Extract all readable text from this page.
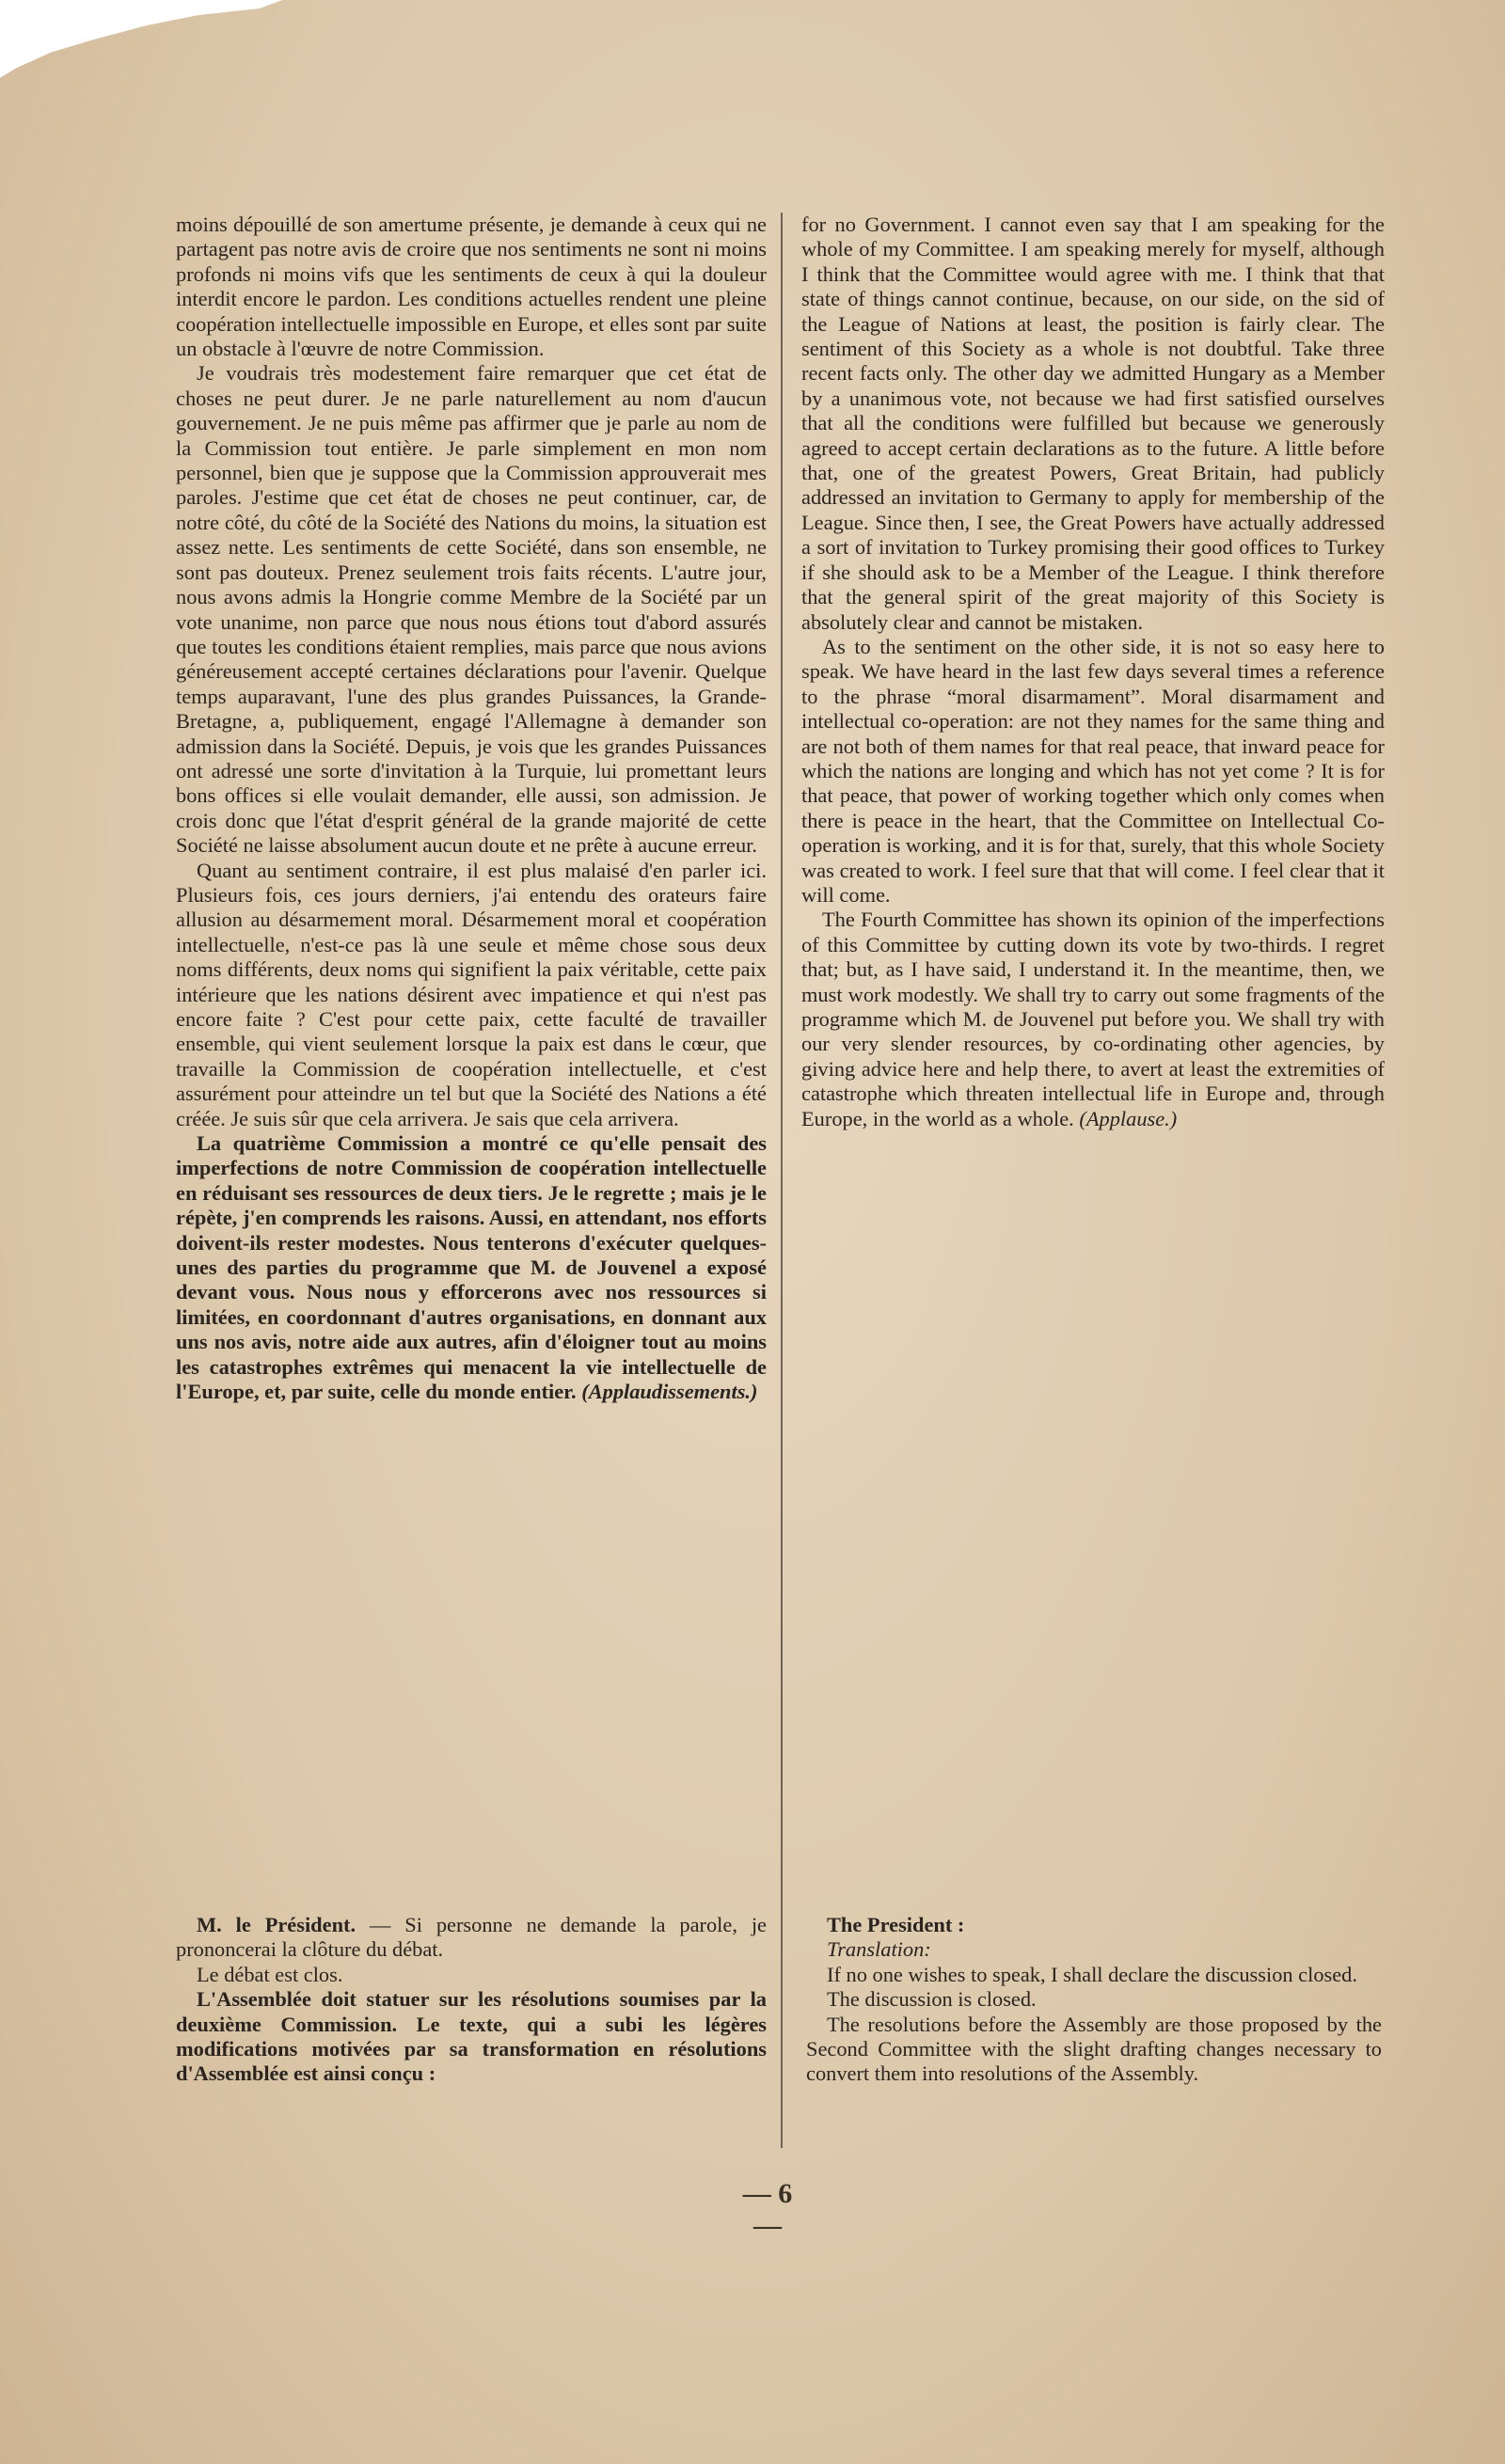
moins dépouillé de son amertume présente, je demande à ceux qui ne partagent pas notre avis de croire que nos sentiments ne sont ni moins profonds ni moins vifs que les sentiments de ceux à qui la douleur interdit encore le pardon. Les conditions actuelles rendent une pleine coopération intellectuelle impossible en Europe, et elles sont par suite un obstacle à l'œuvre de notre Commission.

Je voudrais très modestement faire remarquer que cet état de choses ne peut durer. Je ne parle naturellement au nom d'aucun gouvernement. Je ne puis même pas affirmer que je parle au nom de la Commission tout entière. Je parle simplement en mon nom personnel, bien que je suppose que la Commission approuverait mes paroles. J'estime que cet état de choses ne peut continuer, car, de notre côté, du côté de la Société des Nations du moins, la situation est assez nette. Les sentiments de cette Société, dans son ensemble, ne sont pas douteux. Prenez seulement trois faits récents. L'autre jour, nous avons admis la Hongrie comme Membre de la Société par un vote unanime, non parce que nous nous étions tout d'abord assurés que toutes les conditions étaient remplies, mais parce que nous avions généreusement accepté certaines déclarations pour l'avenir. Quelque temps auparavant, l'une des plus grandes Puissances, la Grande-Bretagne, a, publiquement, engagé l'Allemagne à demander son admission dans la Société. Depuis, je vois que les grandes Puissances ont adressé une sorte d'invitation à la Turquie, lui promettant leurs bons offices si elle voulait demander, elle aussi, son admission. Je crois donc que l'état d'esprit général de la grande majorité de cette Société ne laisse absolument aucun doute et ne prête à aucune erreur.

Quant au sentiment contraire, il est plus malaisé d'en parler ici. Plusieurs fois, ces jours derniers, j'ai entendu des orateurs faire allusion au désarmement moral. Désarmement moral et coopération intellectuelle, n'est-ce pas là une seule et même chose sous deux noms différents, deux noms qui signifient la paix véritable, cette paix intérieure que les nations désirent avec impatience et qui n'est pas encore faite ? C'est pour cette paix, cette faculté de travailler ensemble, qui vient seulement lorsque la paix est dans le cœur, que travaille la Commission de coopération intellectuelle, et c'est assurément pour atteindre un tel but que la Société des Nations a été créée. Je suis sûr que cela arrivera. Je sais que cela arrivera.

La quatrième Commission a montré ce qu'elle pensait des imperfections de notre Commission de coopération intellectuelle en réduisant ses ressources de deux tiers. Je le regrette ; mais je le répète, j'en comprends les raisons. Aussi, en attendant, nos efforts doivent-ils rester modestes. Nous tenterons d'exécuter quelques-unes des parties du programme que M. de Jouvenel a exposé devant vous. Nous nous y efforcerons avec nos ressources si limitées, en coordonnant d'autres organisations, en donnant aux uns nos avis, notre aide aux autres, afin d'éloigner tout au moins les catastrophes extrêmes qui menacent la vie intellectuelle de l'Europe, et, par suite, celle du monde entier. (Applaudissements.)

for no Government. I cannot even say that I am speaking for the whole of my Committee. I am speaking merely for myself, although I think that the Committee would agree with me. I think that that state of things cannot continue, because, on our side, on the sid of the League of Nations at least, the position is fairly clear. The sentiment of this Society as a whole is not doubtful. Take three recent facts only. The other day we admitted Hungary as a Member by a unanimous vote, not because we had first satisfied ourselves that all the conditions were fulfilled but because we generously agreed to accept certain declarations as to the future. A little before that, one of the greatest Powers, Great Britain, had publicly addressed an invitation to Germany to apply for membership of the League. Since then, I see, the Great Powers have actually addressed a sort of invitation to Turkey promising their good offices to Turkey if she should ask to be a Member of the League. I think therefore that the general spirit of the great majority of this Society is absolutely clear and cannot be mistaken.

As to the sentiment on the other side, it is not so easy here to speak. We have heard in the last few days several times a reference to the phrase “moral disarmament”. Moral disarmament and intellectual co-operation: are not they names for the same thing and are not both of them names for that real peace, that inward peace for which the nations are longing and which has not yet come ? It is for that peace, that power of working together which only comes when there is peace in the heart, that the Committee on Intellectual Co-operation is working, and it is for that, surely, that this whole Society was created to work. I feel sure that that will come. I feel clear that it will come.

The Fourth Committee has shown its opinion of the imperfections of this Committee by cutting down its vote by two-thirds. I regret that; but, as I have said, I understand it. In the meantime, then, we must work modestly. We shall try to carry out some fragments of the programme which M. de Jouvenel put before you. We shall try with our very slender resources, by co-ordinating other agencies, by giving advice here and help there, to avert at least the extremities of catastrophe which threaten intellectual life in Europe and, through Europe, in the world as a whole. (Applause.)

M. le Président. — Si personne ne demande la parole, je prononcerai la clôture du débat.

Le débat est clos.

L'Assemblée doit statuer sur les résolutions soumises par la deuxième Commission. Le texte, qui a subi les légères modifications motivées par sa transformation en résolutions d'Assemblée est ainsi conçu :

The President :

Translation:

If no one wishes to speak, I shall declare the discussion closed.

The discussion is closed.

The resolutions before the Assembly are those proposed by the Second Committee with the slight drafting changes necessary to convert them into resolutions of the Assembly.

— 6 —
